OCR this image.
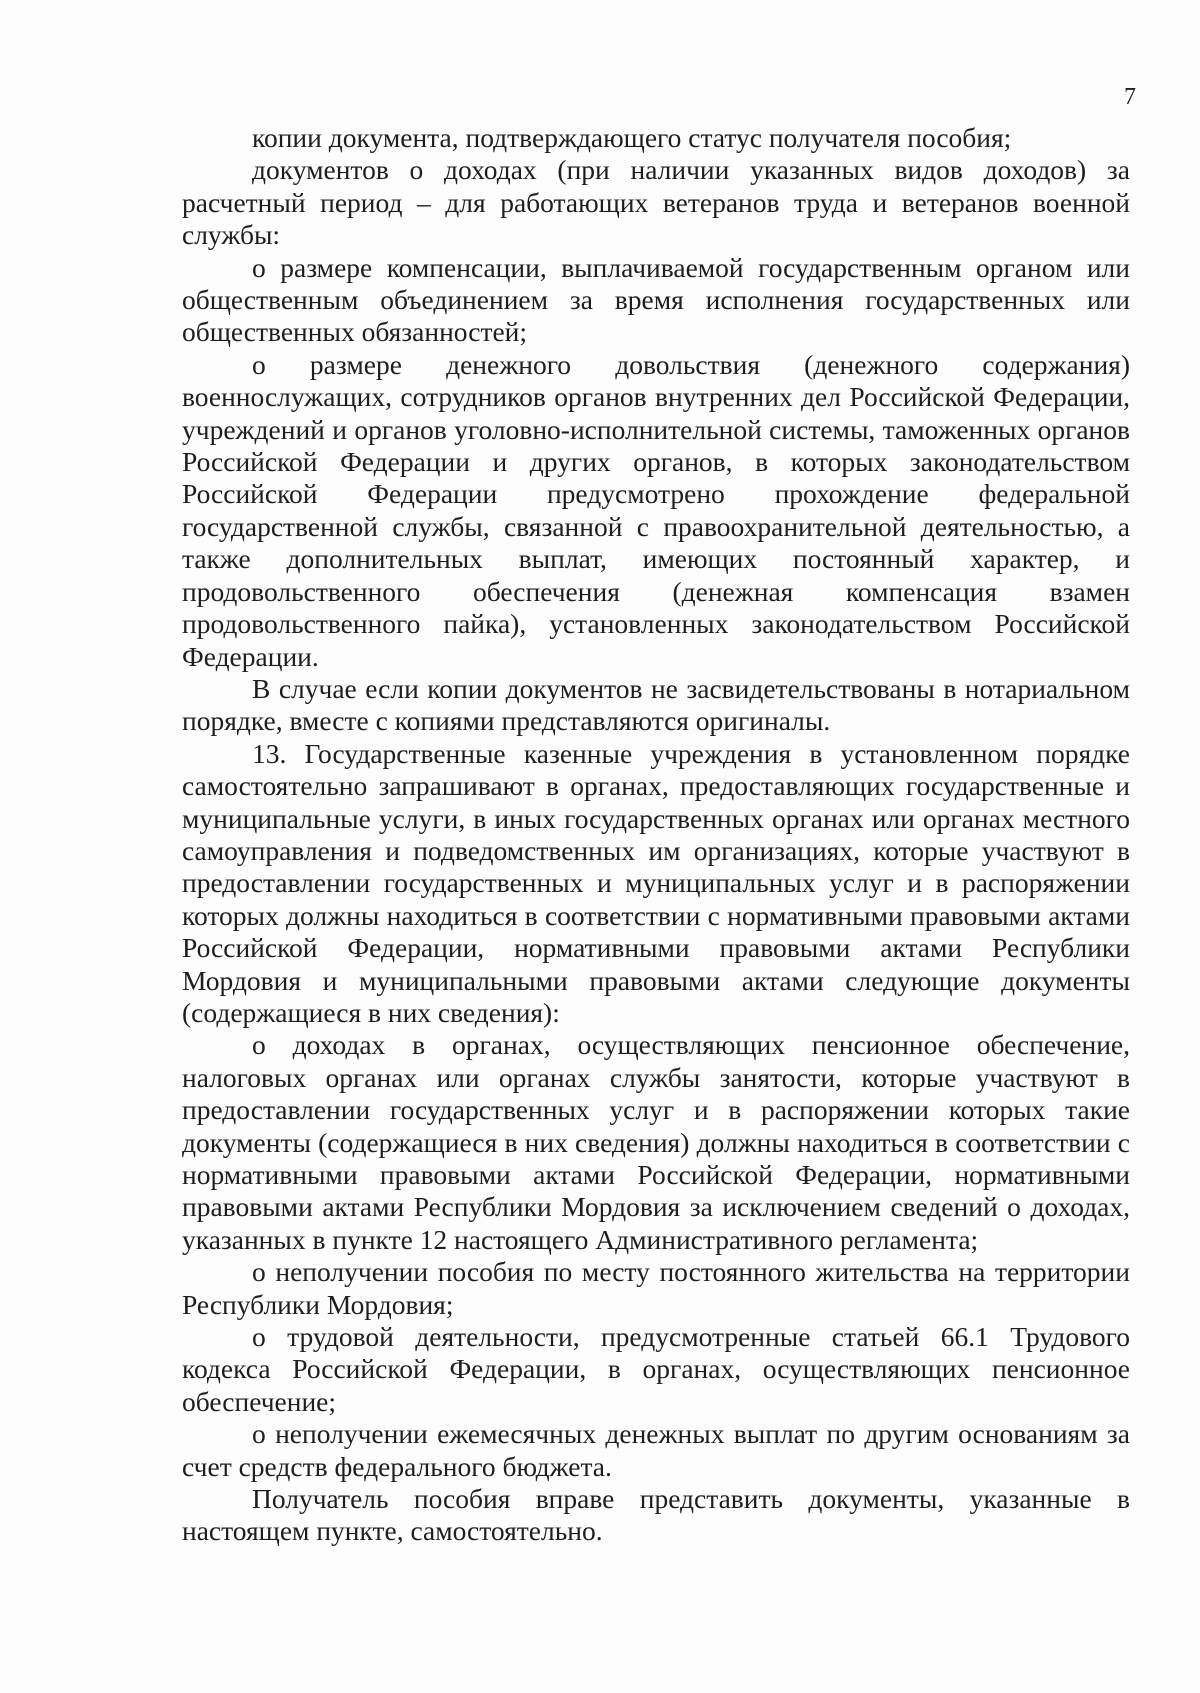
7

копии документа, подтверждающего статус получателя пособия;

документов о доходах (при наличии указанных видов доходов) за расчетный период – для работающих ветеранов труда и ветеранов военной службы:

о размере компенсации, выплачиваемой государственным органом или общественным объединением за время исполнения государственных или общественных обязанностей;

о размере денежного довольствия (денежного содержания) военнослужащих, сотрудников органов внутренних дел Российской Федерации, учреждений и органов уголовно-исполнительной системы, таможенных органов Российской Федерации и других органов, в которых законодательством Российской Федерации предусмотрено прохождение федеральной государственной службы, связанной с правоохранительной деятельностью, а также дополнительных выплат, имеющих постоянный характер, и продовольственного обеспечения (денежная компенсация взамен продовольственного пайка), установленных законодательством Российской Федерации.

В случае если копии документов не засвидетельствованы в нотариальном порядке, вместе с копиями представляются оригиналы.

13. Государственные казенные учреждения в установленном порядке самостоятельно запрашивают в органах, предоставляющих государственные и муниципальные услуги, в иных государственных органах или органах местного самоуправления и подведомственных им организациях, которые участвуют в предоставлении государственных и муниципальных услуг и в распоряжении которых должны находиться в соответствии с нормативными правовыми актами Российской Федерации, нормативными правовыми актами Республики Мордовия и муниципальными правовыми актами следующие документы (содержащиеся в них сведения):

о доходах в органах, осуществляющих пенсионное обеспечение, налоговых органах или органах службы занятости, которые участвуют в предоставлении государственных услуг и в распоряжении которых такие документы (содержащиеся в них сведения) должны находиться в соответствии с нормативными правовыми актами Российской Федерации, нормативными правовыми актами Республики Мордовия за исключением сведений о доходах, указанных в пункте 12 настоящего Административного регламента;

о неполучении пособия по месту постоянного жительства на территории Республики Мордовия;

о трудовой деятельности, предусмотренные статьей 66.1 Трудового кодекса Российской Федерации, в органах, осуществляющих пенсионное обеспечение;

о неполучении ежемесячных денежных выплат по другим основаниям за счет средств федерального бюджета.

Получатель пособия вправе представить документы, указанные в настоящем пункте, самостоятельно.
